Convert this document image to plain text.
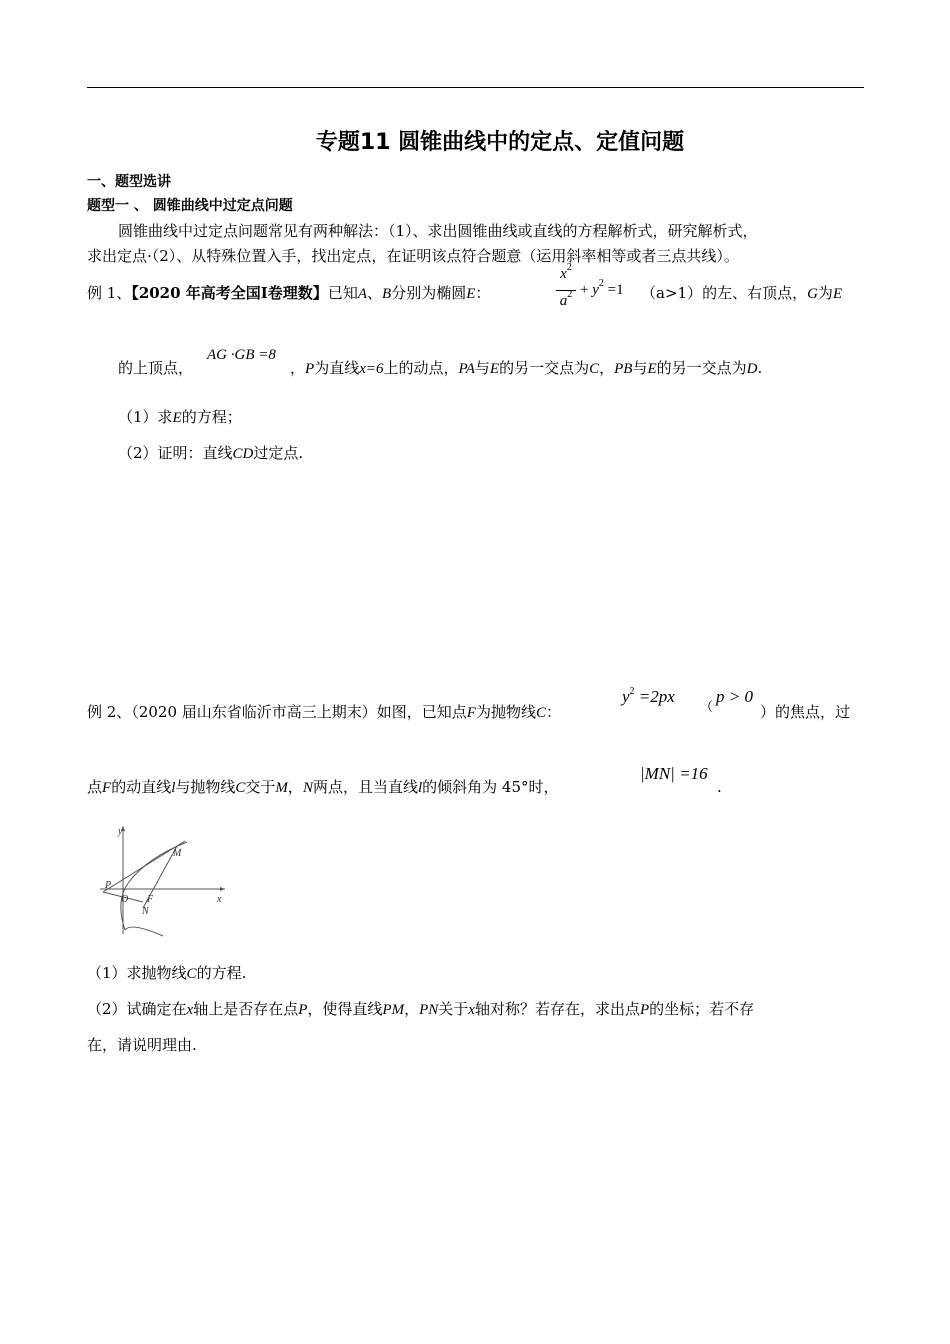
专题11 圆锥曲线中的定点、定值问题
一、题型选讲
题型一 、 圆锥曲线中过定点问题
圆锥曲线中过定点问题常见有两种解法：（1）、求出圆锥曲线或直线的方程解析式，研究解析式，
求出定点·（2）、从特殊位置入手，找出定点，在证明该点符合题意（运用斜率相等或者三点共线）。
例 1、【2020 年高考全国Ⅰ卷理数】已知A、B分别为椭圆E：
$x^2$
$a^2 + y^2 =1$ （a>1）的左、右顶点，G为E
的上顶点，
AG ·GB =8
，P为直线x=6上的动点，PA与E的另一交点为C，PB与E的另一交点为D.
（1）求E的方程；
（2）证明：直线CD过定点.
例 2、（2020 届山东省临沂市高三上期末）如图，已知点F为抛物线C：
$y^2 =2px$
（
p > 0
）的焦点，过
点F的动直线l与抛物线C交于M，N两点，且当直线l的倾斜角为 45°时，
|MN| =16
.
y
x
P
O F
M
N
（1）求抛物线C的方程.
（2）试确定在x轴上是否存在点P，使得直线PM，PN关于x轴对称？若存在，求出点P的坐标；若不存
在，请说明理由.
